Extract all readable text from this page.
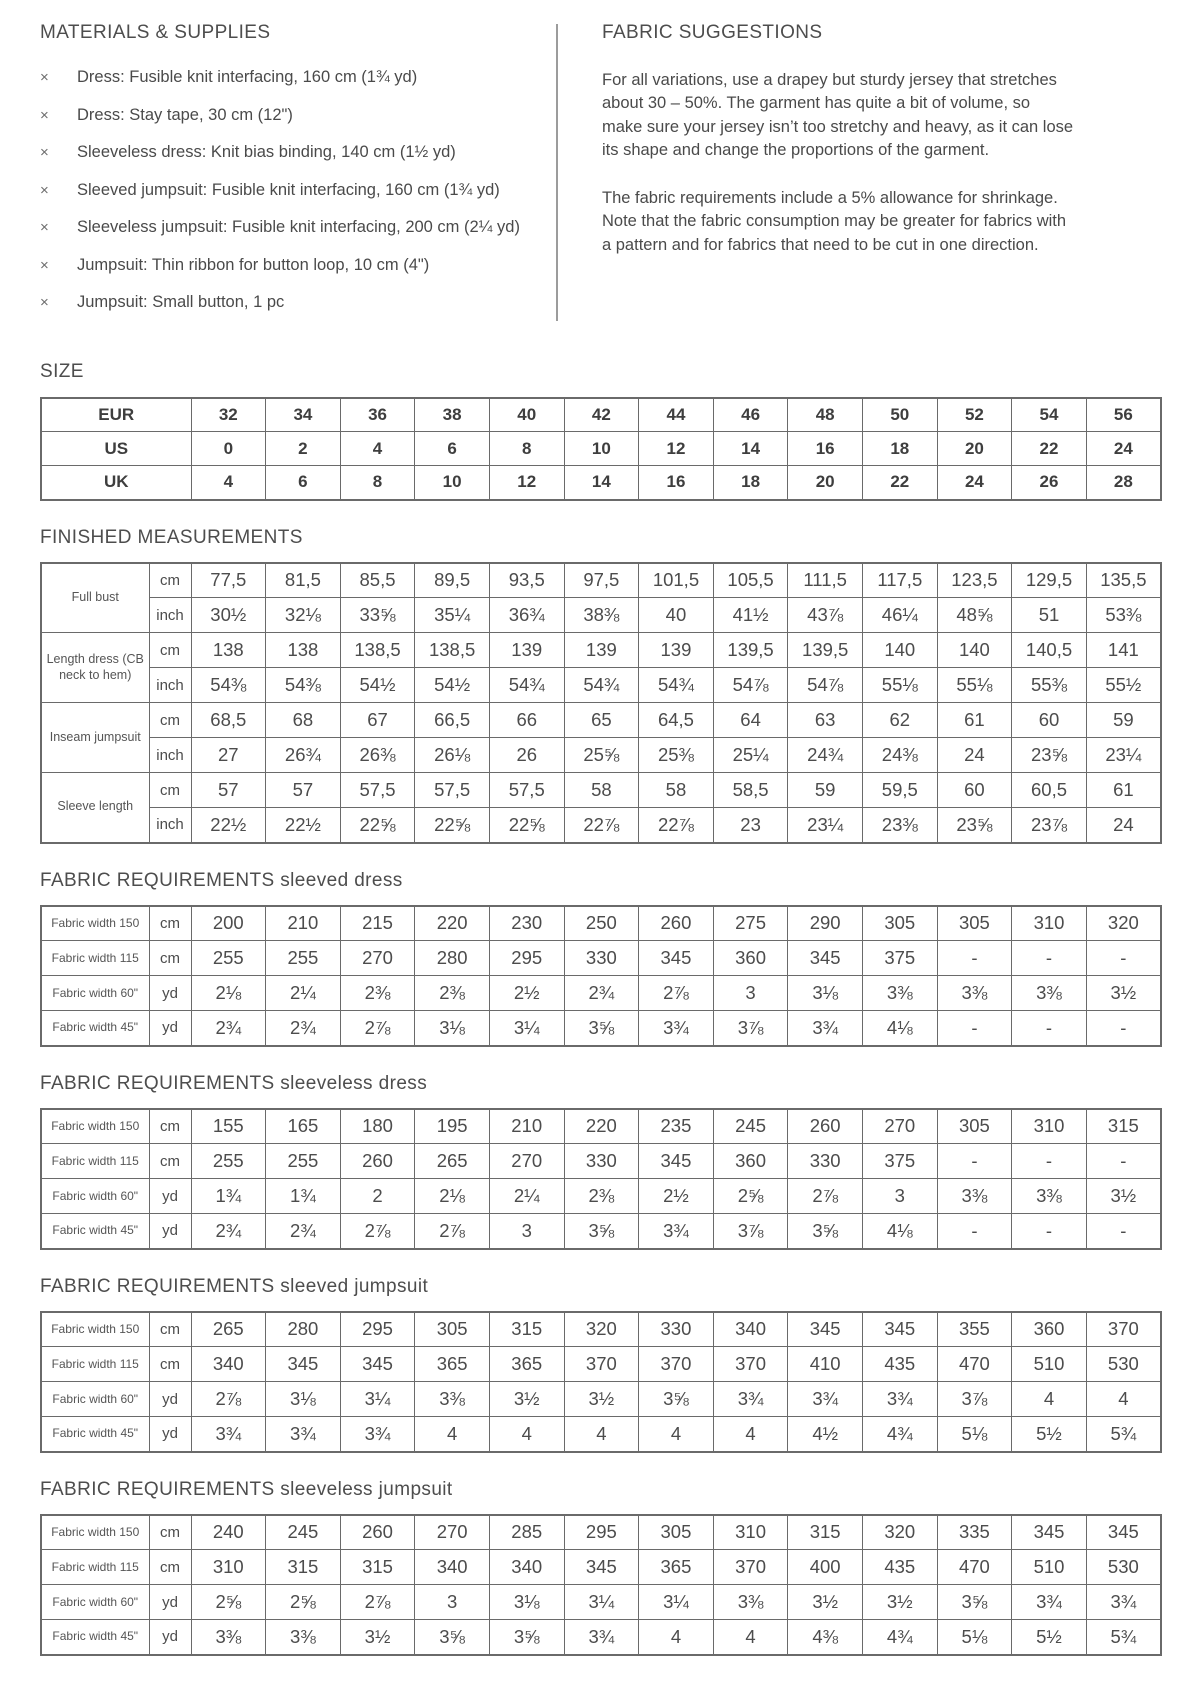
MATERIALS & SUPPLIES
×	Dress: Fusible knit interfacing, 160 cm (1¾ yd)
×	Dress: Stay tape, 30 cm (12")
×	Sleeveless dress: Knit bias binding, 140 cm (1½ yd)
×	Sleeved jumpsuit: Fusible knit interfacing, 160 cm (1¾ yd)
×	Sleeveless jumpsuit: Fusible knit interfacing, 200 cm (2¼ yd)
×	Jumpsuit: Thin ribbon for button loop, 10 cm (4")
×	Jumpsuit: Small button, 1 pc
FABRIC SUGGESTIONS

For all variations, use a drapey but sturdy jersey that stretches about 30 – 50%. The garment has quite a bit of volume, so make sure your jersey isn’t too stretchy and heavy, as it can lose its shape and change the proportions of the garment.

The fabric requirements include a 5% allowance for shrinkage. Note that the fabric consumption may be greater for fabrics with a pattern and for fabrics that need to be cut in one direction.

SIZE
EUR	32	34	36	38	40	42	44	46	48	50	52	54	56
US	0	2	4	6	8	10	12	14	16	18	20	22	24
UK	4	6	8	10	12	14	16	18	20	22	24	26	28
FINISHED MEASUREMENTS
Full bust	cm	77,5	81,5	85,5	89,5	93,5	97,5	101,5	105,5	111,5	117,5	123,5	129,5	135,5
	inch	30½	32⅛	33⅝	35¼	36¾	38⅜	40	41½	43⅞	46¼	48⅝	51	53⅜
Length dress (CB neck to hem)	cm	138	138	138,5	138,5	139	139	139	139,5	139,5	140	140	140,5	141
	inch	54⅜	54⅜	54½	54½	54¾	54¾	54¾	54⅞	54⅞	55⅛	55⅛	55⅜	55½
Inseam jumpsuit	cm	68,5	68	67	66,5	66	65	64,5	64	63	62	61	60	59
	inch	27	26¾	26⅜	26⅛	26	25⅝	25⅜	25¼	24¾	24⅜	24	23⅝	23¼
Sleeve length	cm	57	57	57,5	57,5	57,5	58	58	58,5	59	59,5	60	60,5	61
	inch	22½	22½	22⅝	22⅝	22⅝	22⅞	22⅞	23	23¼	23⅜	23⅝	23⅞	24
FABRIC REQUIREMENTS sleeved dress
Fabric width 150	cm	200	210	215	220	230	250	260	275	290	305	305	310	320
Fabric width 115	cm	255	255	270	280	295	330	345	360	345	375	-	-	-
Fabric width 60"	yd	2⅛	2¼	2⅜	2⅜	2½	2¾	2⅞	3	3⅛	3⅜	3⅜	3⅜	3½
Fabric width 45"	yd	2¾	2¾	2⅞	3⅛	3¼	3⅝	3¾	3⅞	3¾	4⅛	-	-	-
FABRIC REQUIREMENTS sleeveless dress
Fabric width 150	cm	155	165	180	195	210	220	235	245	260	270	305	310	315
Fabric width 115	cm	255	255	260	265	270	330	345	360	330	375	-	-	-
Fabric width 60"	yd	1¾	1¾	2	2⅛	2¼	2⅜	2½	2⅝	2⅞	3	3⅜	3⅜	3½
Fabric width 45"	yd	2¾	2¾	2⅞	2⅞	3	3⅝	3¾	3⅞	3⅝	4⅛	-	-	-
FABRIC REQUIREMENTS sleeved jumpsuit
Fabric width 150	cm	265	280	295	305	315	320	330	340	345	345	355	360	370
Fabric width 115	cm	340	345	345	365	365	370	370	370	410	435	470	510	530
Fabric width 60"	yd	2⅞	3⅛	3¼	3⅜	3½	3½	3⅝	3¾	3¾	3¾	3⅞	4	4
Fabric width 45"	yd	3¾	3¾	3¾	4	4	4	4	4	4½	4¾	5⅛	5½	5¾
FABRIC REQUIREMENTS sleeveless jumpsuit
Fabric width 150	cm	240	245	260	270	285	295	305	310	315	320	335	345	345
Fabric width 115	cm	310	315	315	340	340	345	365	370	400	435	470	510	530
Fabric width 60"	yd	2⅝	2⅝	2⅞	3	3⅛	3¼	3¼	3⅜	3½	3½	3⅝	3¾	3¾
Fabric width 45"	yd	3⅜	3⅜	3½	3⅝	3⅝	3¾	4	4	4⅜	4¾	5⅛	5½	5¾
